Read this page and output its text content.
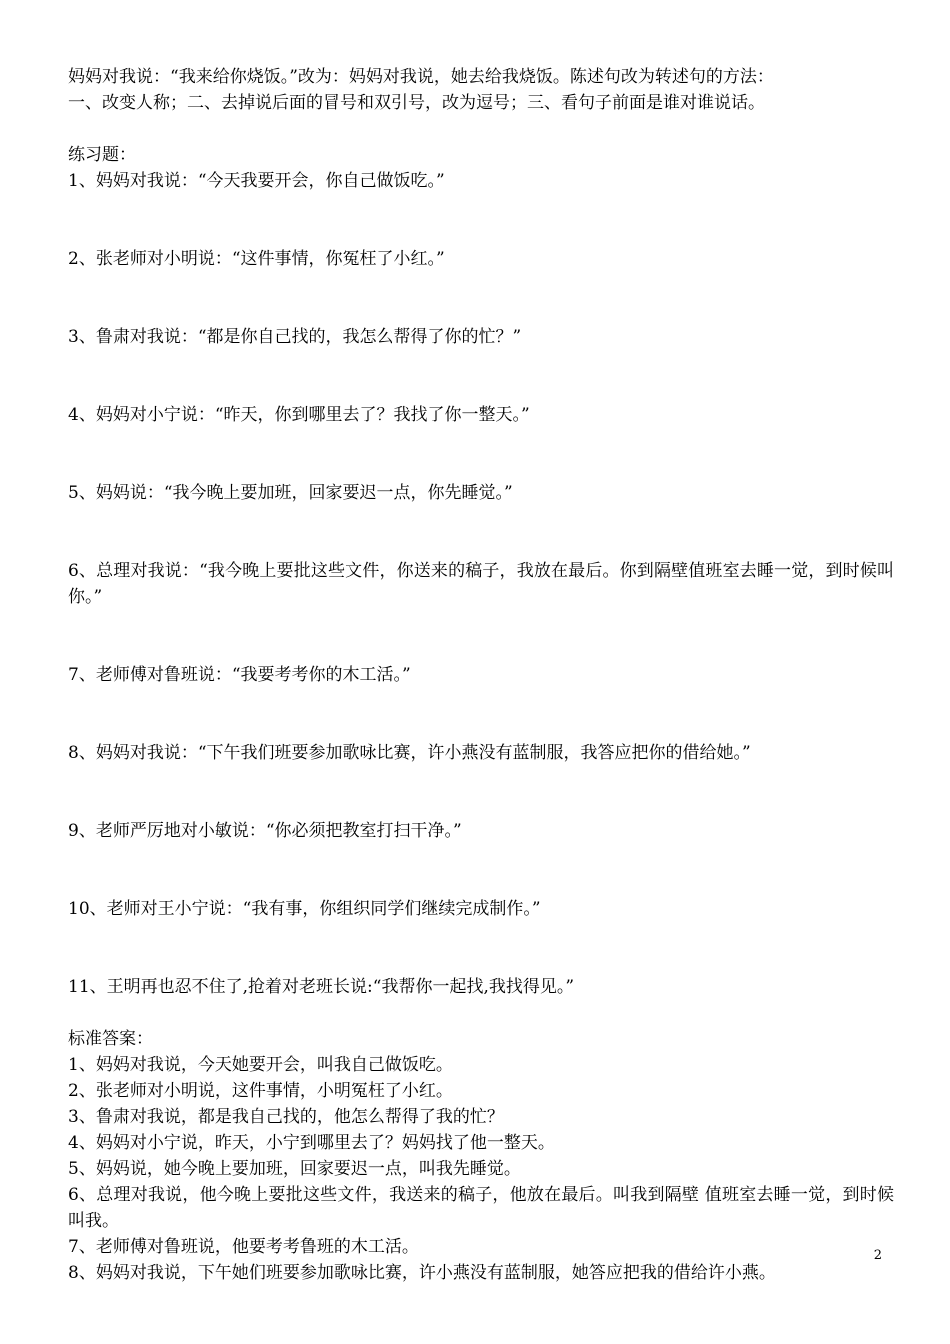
妈妈对我说：“我来给你烧饭。”改为：妈妈对我说，她去给我烧饭。陈述句改为转述句的方法：

一、改变人称；二、去掉说后面的冒号和双引号，改为逗号；三、看句子前面是谁对谁说话。

练习题：

1、妈妈对我说：“今天我要开会，你自己做饭吃。”

2、张老师对小明说：“这件事情，你冤枉了小红。”

3、鲁肃对我说：“都是你自己找的，我怎么帮得了你的忙？”

4、妈妈对小宁说：“昨天，你到哪里去了？我找了你一整天。”

5、妈妈说：“我今晚上要加班，回家要迟一点，你先睡觉。”

6、总理对我说：“我今晚上要批这些文件，你送来的稿子，我放在最后。你到隔壁值班室去睡一觉，到时候叫你。”

7、老师傅对鲁班说：“我要考考你的木工活。”

8、妈妈对我说：“下午我们班要参加歌咏比赛，许小燕没有蓝制服，我答应把你的借给她。”

9、老师严厉地对小敏说：“你必须把教室打扫干净。”

10、老师对王小宁说：“我有事，你组织同学们继续完成制作。”

11、王明再也忍不住了,抢着对老班长说:“我帮你一起找,我找得见。”

标准答案：

1、妈妈对我说，今天她要开会，叫我自己做饭吃。

2、张老师对小明说，这件事情，小明冤枉了小红。

3、鲁肃对我说，都是我自己找的，他怎么帮得了我的忙？

4、妈妈对小宁说，昨天，小宁到哪里去了？妈妈找了他一整天。

5、妈妈说，她今晚上要加班，回家要迟一点，叫我先睡觉。

6、总理对我说，他今晚上要批这些文件，我送来的稿子，他放在最后。叫我到隔壁 值班室去睡一觉，到时候叫我。

7、老师傅对鲁班说，他要考考鲁班的木工活。

8、妈妈对我说，下午她们班要参加歌咏比赛，许小燕没有蓝制服，她答应把我的借给许小燕。

2
